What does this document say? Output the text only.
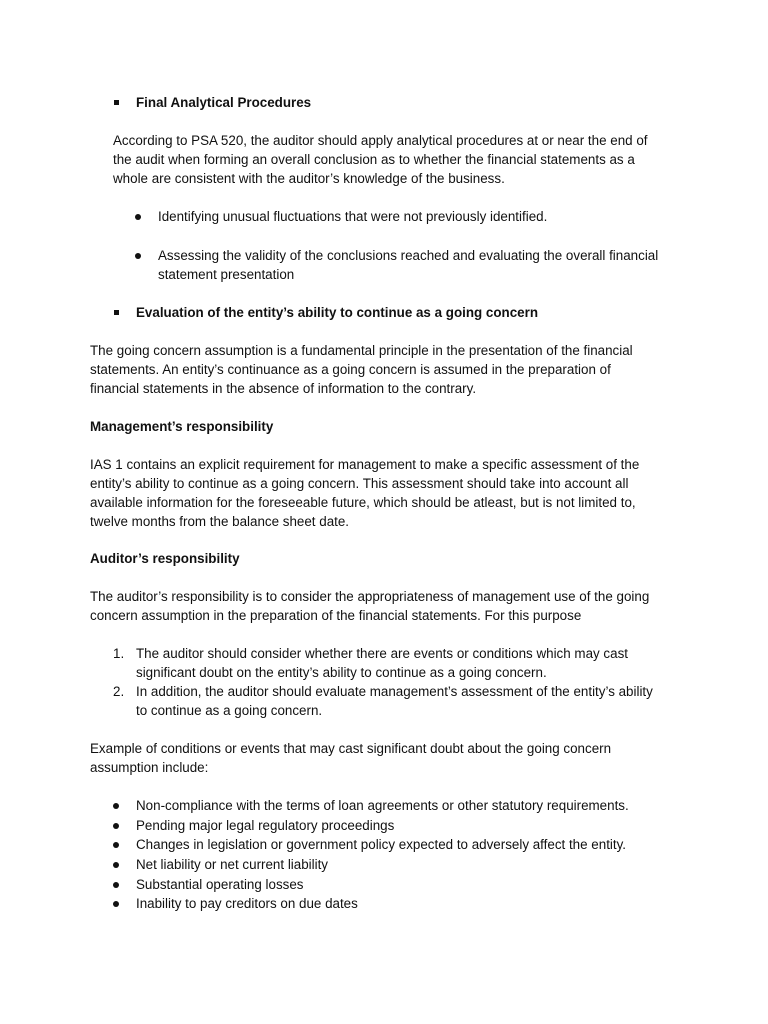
Final Analytical Procedures

According to PSA 520, the auditor should apply analytical procedures at or near the end of

the audit when forming an overall conclusion as to whether the financial statements as a

whole are consistent with the auditor’s knowledge of the business.

Identifying unusual fluctuations that were not previously identified.

Assessing the validity of the conclusions reached and evaluating the overall financial

statement presentation

Evaluation of the entity’s ability to continue as a going concern

The going concern assumption is a fundamental principle in the presentation of the financial

statements. An entity’s continuance as a going concern is assumed in the preparation of

financial statements in the absence of information to the contrary.

Management’s responsibility

IAS 1 contains an explicit requirement for management to make a specific assessment of the

entity’s ability to continue as a going concern. This assessment should take into account all

available information for the foreseeable future, which should be atleast, but is not limited to,

twelve months from the balance sheet date.

Auditor’s responsibility

The auditor’s responsibility is to consider the appropriateness of management use of the going

concern assumption in the preparation of the financial statements. For this purpose

1. The auditor should consider whether there are events or conditions which may cast

significant doubt on the entity’s ability to continue as a going concern.

2. In addition, the auditor should evaluate management’s assessment of the entity’s ability

to continue as a going concern.

Example of conditions or events that may cast significant doubt about the going concern

assumption include:

Non-compliance with the terms of loan agreements or other statutory requirements.

Pending major legal regulatory proceedings

Changes in legislation or government policy expected to adversely affect the entity.

Net liability or net current liability

Substantial operating losses

Inability to pay creditors on due dates
